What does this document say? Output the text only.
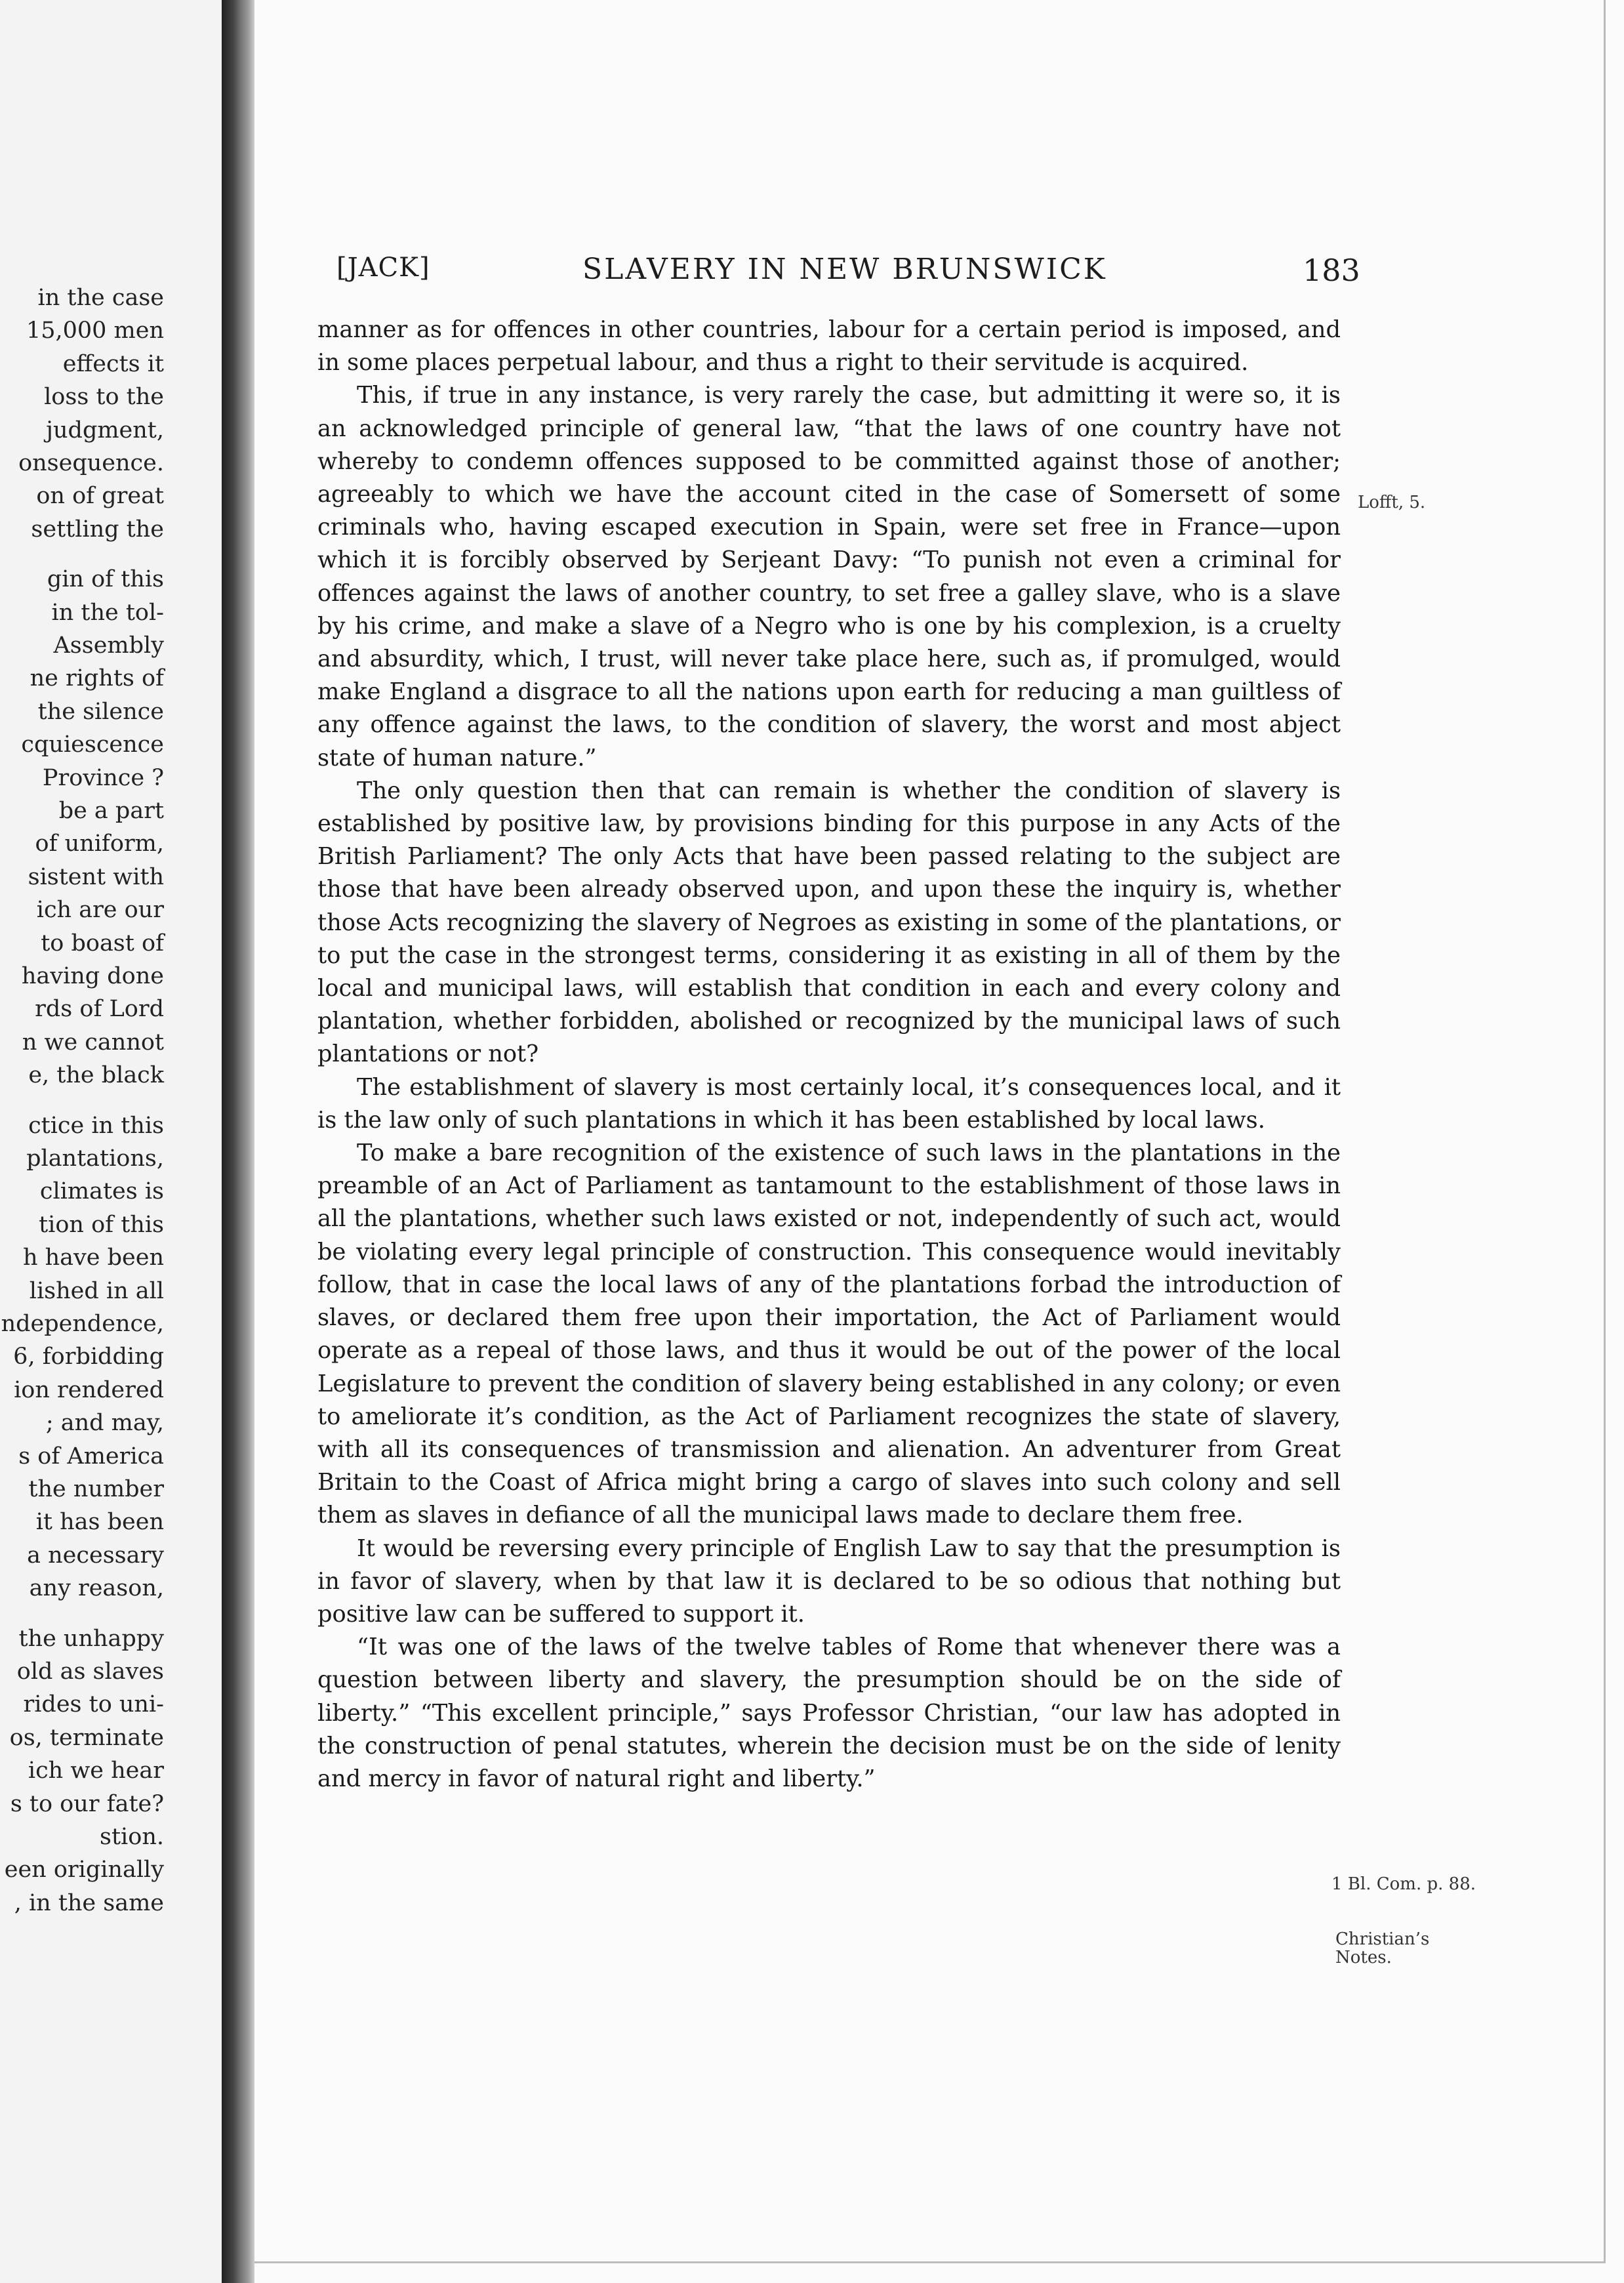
in the case
15,000 men
effects it
loss to the
judgment,
onsequence.
on of great
settling the
gin of this
in the tol-
Assembly
ne rights of
the silence
cquiescence
Province ?
be a part
of uniform,
sistent with
ich are our
to boast of
having done
rds of Lord
n we cannot
e, the black
ctice in this
plantations,
climates is
tion of this
h have been
lished in all
ndependence,
6, forbidding
ion rendered
; and may,
s of America
the number
it has been
a necessary
any reason,
the unhappy
old as slaves
rides to uni-
os, terminate
ich we hear
s to our fate?
stion.
een originally
, in the same
[JACK]	SLAVERY IN NEW BRUNSWICK	183

manner as for offences in other countries, labour for a certain period is imposed, and in some places perpetual labour, and thus a right to their servitude is acquired.

This, if true in any instance, is very rarely the case, but admitting it were so, it is an acknowledged principle of general law, “that the laws of one country have not whereby to condemn offences supposed to be committed against those of another; agreeably to which we have the account cited in the case of Somersett of some criminals who, having escaped execution in Spain, were set free in France—upon which it is forcibly observed by Serjeant Davy: “To punish not even a criminal for offences against the laws of another country, to set free a galley slave, who is a slave by his crime, and make a slave of a Negro who is one by his complexion, is a cruelty and absurdity, which, I trust, will never take place here, such as, if promulged, would make England a disgrace to all the nations upon earth for reducing a man guiltless of any offence against the laws, to the condition of slavery, the worst and most abject state of human nature.”

The only question then that can remain is whether the condition of slavery is established by positive law, by provisions binding for this purpose in any Acts of the British Parliament? The only Acts that have been passed relating to the subject are those that have been already observed upon, and upon these the inquiry is, whether those Acts recognizing the slavery of Negroes as existing in some of the plantations, or to put the case in the strongest terms, considering it as existing in all of them by the local and municipal laws, will establish that condition in each and every colony and plantation, whether forbidden, abolished or recognized by the municipal laws of such plantations or not?

The establishment of slavery is most certainly local, it’s consequences local, and it is the law only of such plantations in which it has been established by local laws.

To make a bare recognition of the existence of such laws in the plantations in the preamble of an Act of Parliament as tantamount to the establishment of those laws in all the plantations, whether such laws existed or not, independently of such act, would be violating every legal principle of construction. This consequence would inevitably follow, that in case the local laws of any of the plantations forbad the introduction of slaves, or declared them free upon their importation, the Act of Parliament would operate as a repeal of those laws, and thus it would be out of the power of the local Legislature to prevent the condition of slavery being established in any colony; or even to ameliorate it’s condition, as the Act of Parliament recognizes the state of slavery, with all its consequences of transmission and alienation. An adventurer from Great Britain to the Coast of Africa might bring a cargo of slaves into such colony and sell them as slaves in defiance of all the municipal laws made to declare them free.

It would be reversing every principle of English Law to say that the presumption is in favor of slavery, when by that law it is declared to be so odious that nothing but positive law can be suffered to support it.

“It was one of the laws of the twelve tables of Rome that whenever there was a question between liberty and slavery, the presumption should be on the side of liberty.” “This excellent principle,” says Professor Christian, “our law has adopted in the construction of penal statutes, wherein the decision must be on the side of lenity and mercy in favor of natural right and liberty.”

Lofft, 5.
1 Bl. Com. p. 88.
Christian’s
Notes.
